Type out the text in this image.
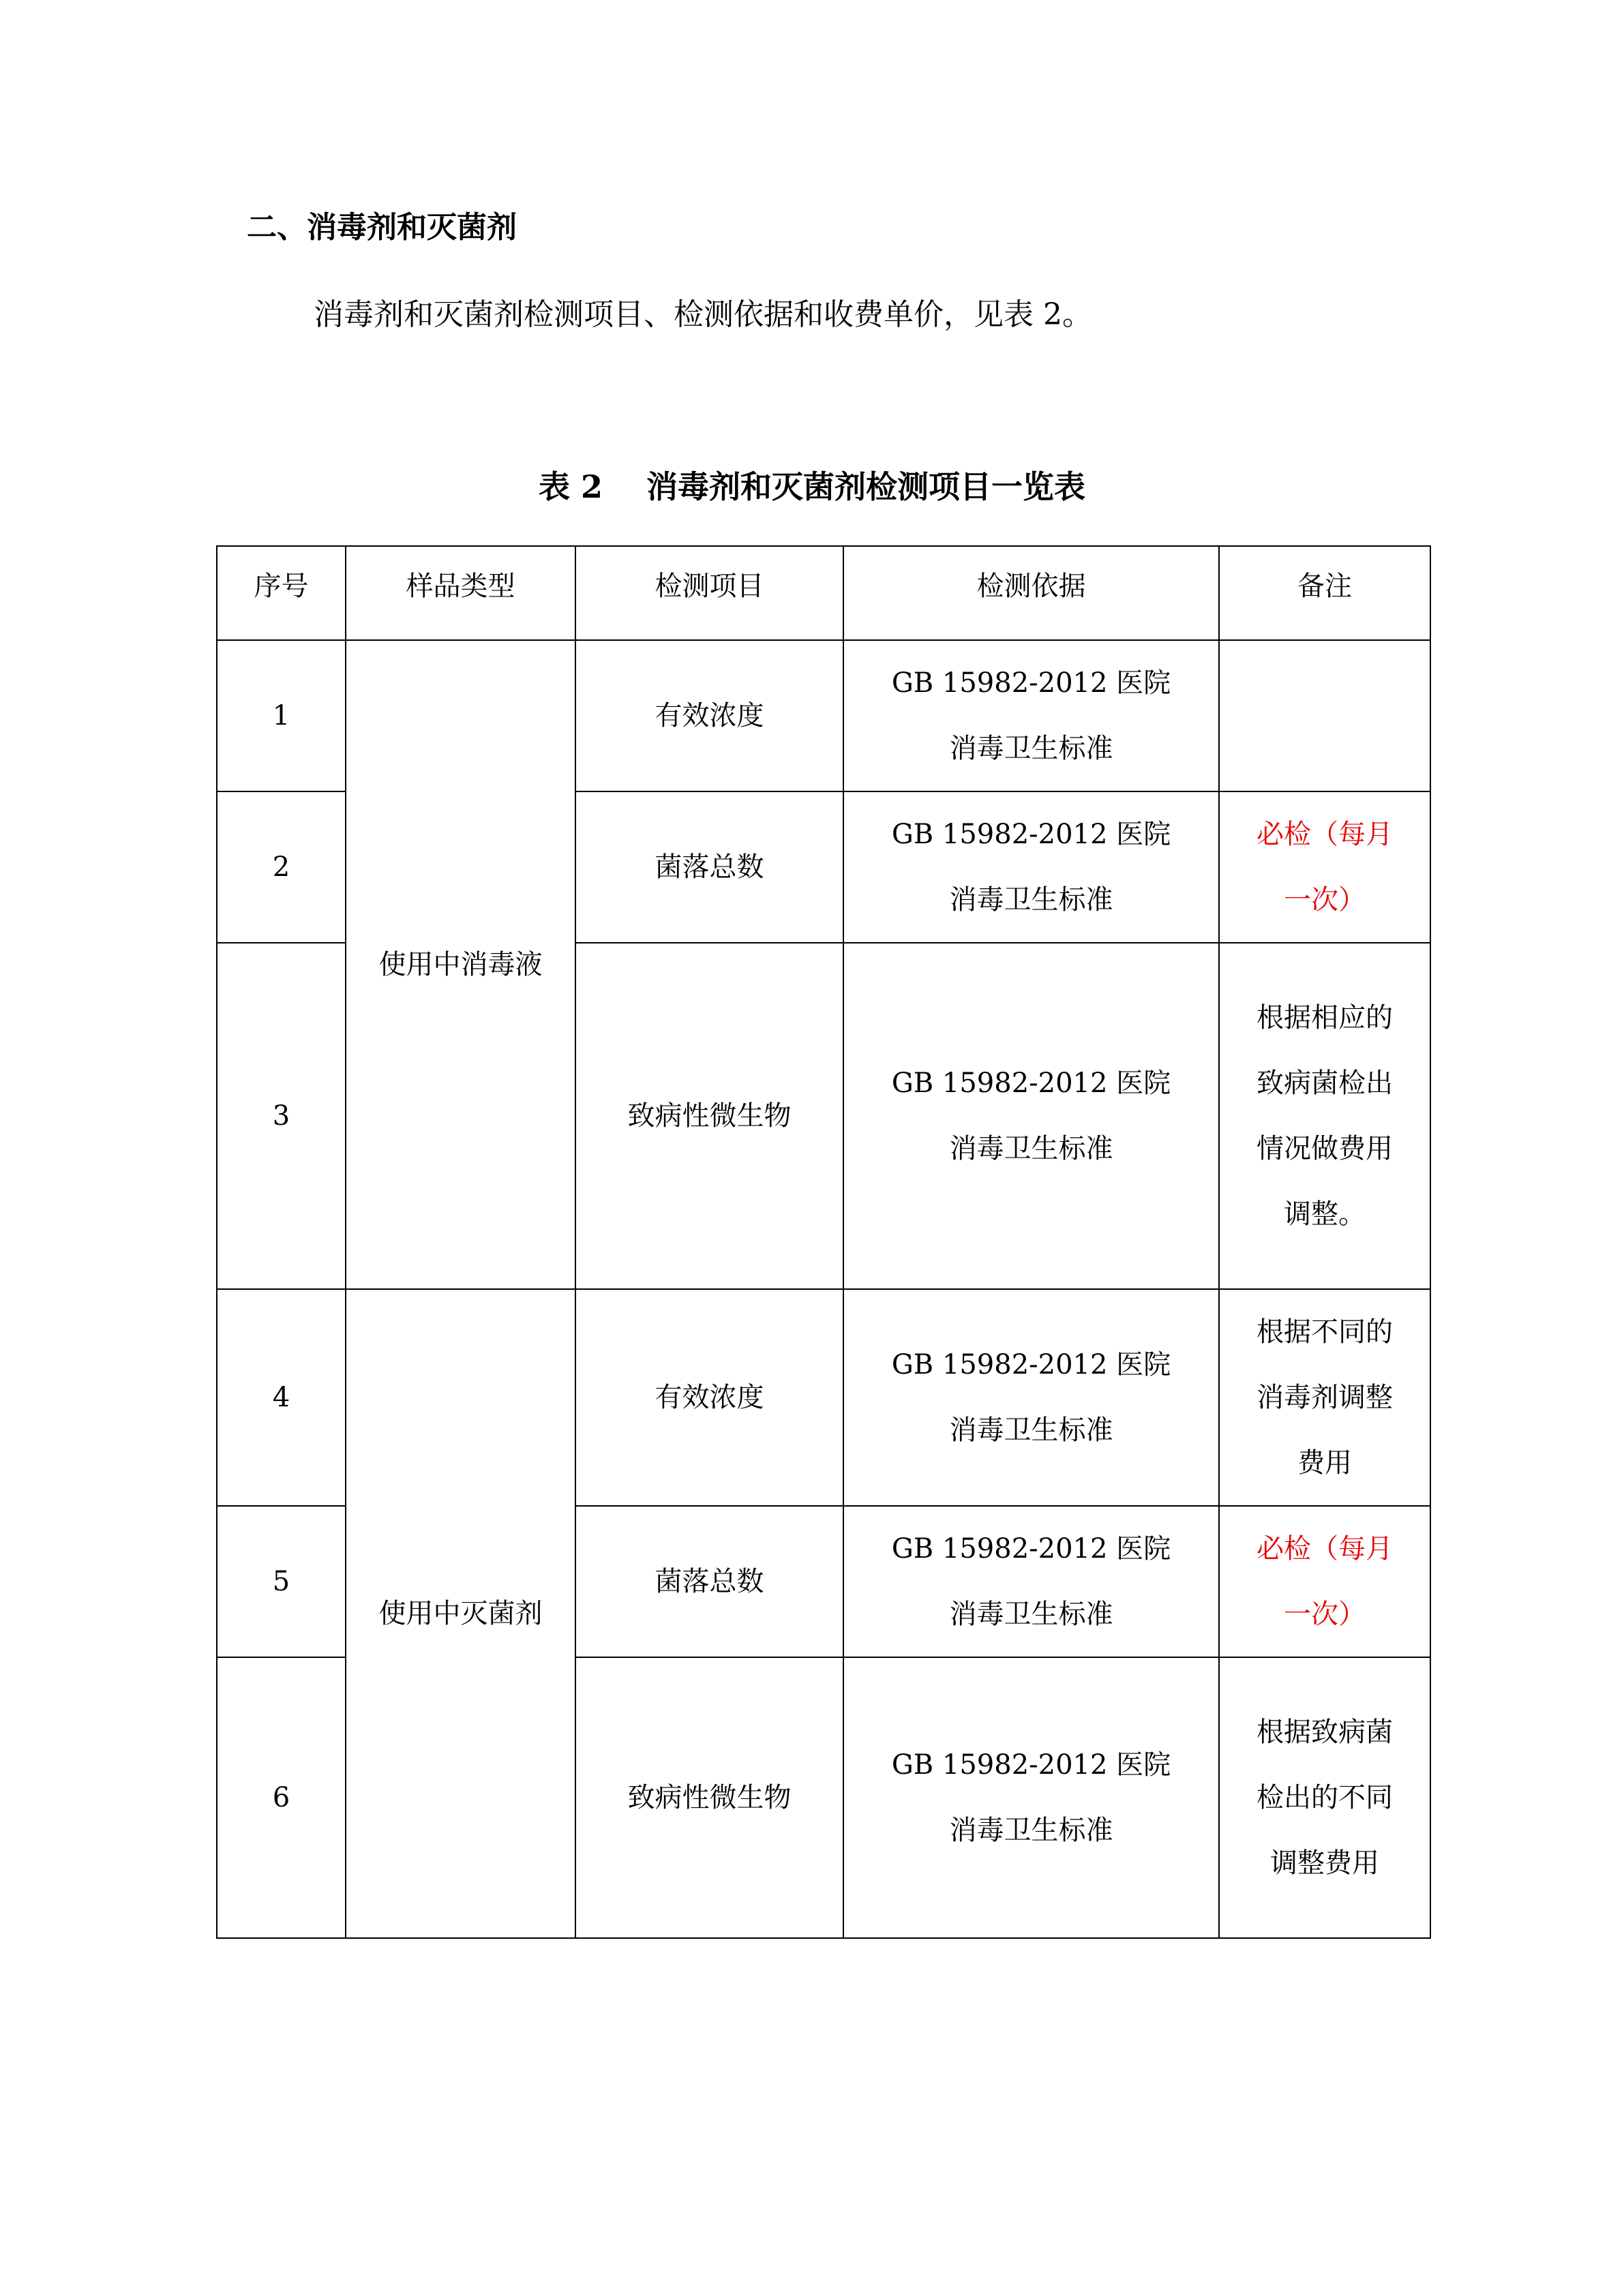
二、消毒剂和灭菌剂
消毒剂和灭菌剂检测项目、检测依据和收费单价，见表 2。
表 2    消毒剂和灭菌剂检测项目一览表
序号	样品类型	检测项目	检测依据	备注
1	使用中消毒液	有效浓度	GB 15982-2012 医院
消毒卫生标准	

2		菌落总数	GB 15982-2012 医院
消毒卫生标准	必检（每月一次）
3		致病性微生物	GB 15982-2012 医院
消毒卫生标准	根据相应的致病菌检出情况做费用调整。
4	使用中灭菌剂	有效浓度	GB 15982-2012 医院
消毒卫生标准	根据不同的消毒剂调整费用
5		菌落总数	GB 15982-2012 医院
消毒卫生标准	必检（每月一次）
6		致病性微生物	GB 15982-2012 医院
消毒卫生标准	根据致病菌检出的不同调整费用
